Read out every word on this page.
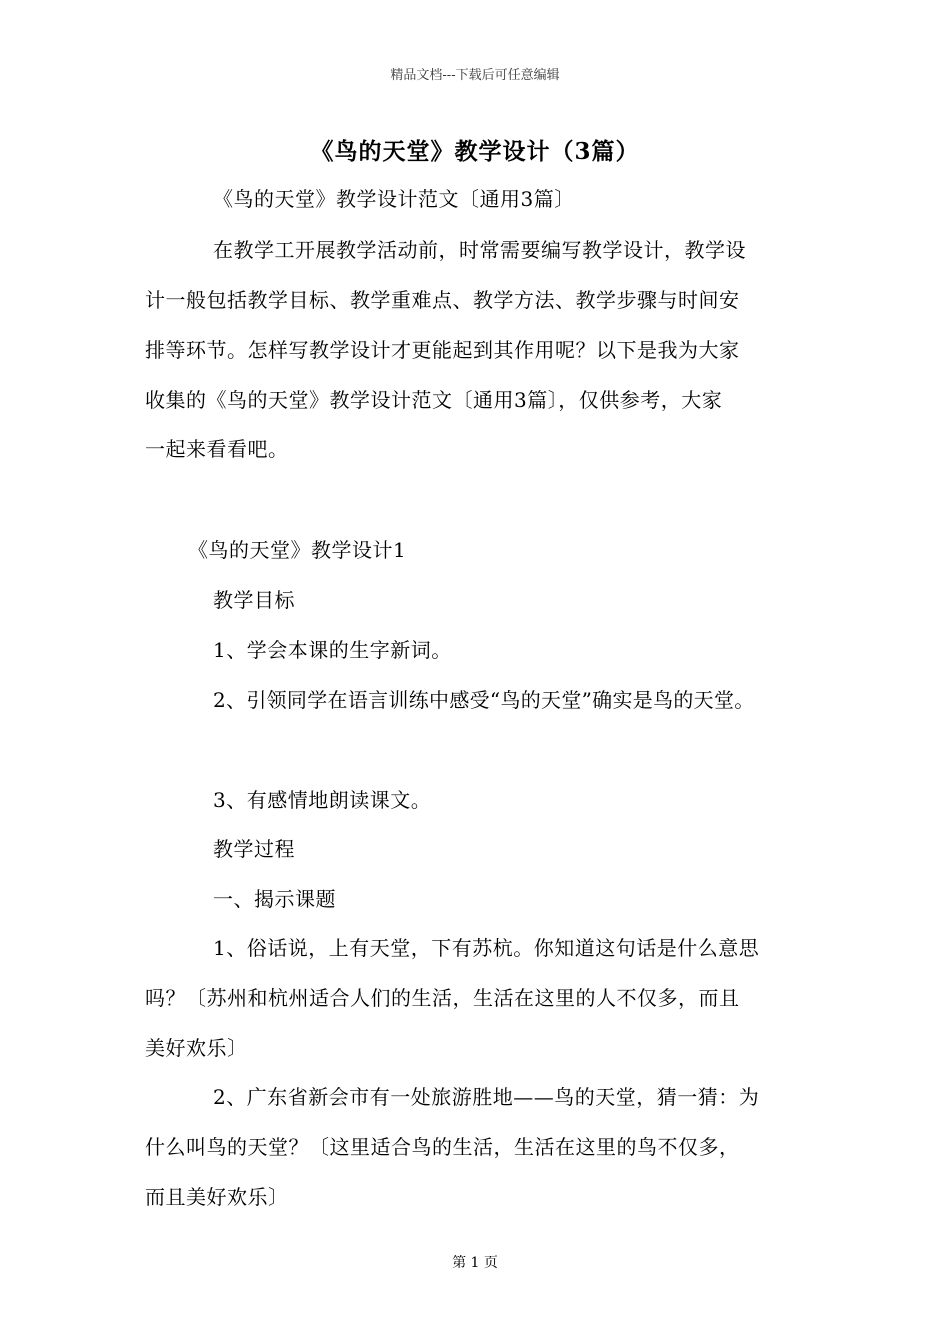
精品文档---下载后可任意编辑
《鸟的天堂》教学设计（3篇）
《鸟的天堂》教学设计范文〔通用3篇〕
在教学工开展教学活动前，时常需要编写教学设计，教学设
计一般包括教学目标、教学重难点、教学方法、教学步骤与时间安
排等环节。怎样写教学设计才更能起到其作用呢？以下是我为大家
收集的《鸟的天堂》教学设计范文〔通用3篇〕，仅供参考，大家
一起来看看吧。
《鸟的天堂》教学设计1
教学目标
1、学会本课的生字新词。
2、引领同学在语言训练中感受“鸟的天堂”确实是鸟的天堂。
3、有感情地朗读课文。
教学过程
一、揭示课题
1、俗话说，上有天堂，下有苏杭。你知道这句话是什么意思
吗？〔苏州和杭州适合人们的生活，生活在这里的人不仅多，而且
美好欢乐〕
2、广东省新会市有一处旅游胜地——鸟的天堂，猜一猜：为
什么叫鸟的天堂？〔这里适合鸟的生活，生活在这里的鸟不仅多，
而且美好欢乐〕
第 1 页
